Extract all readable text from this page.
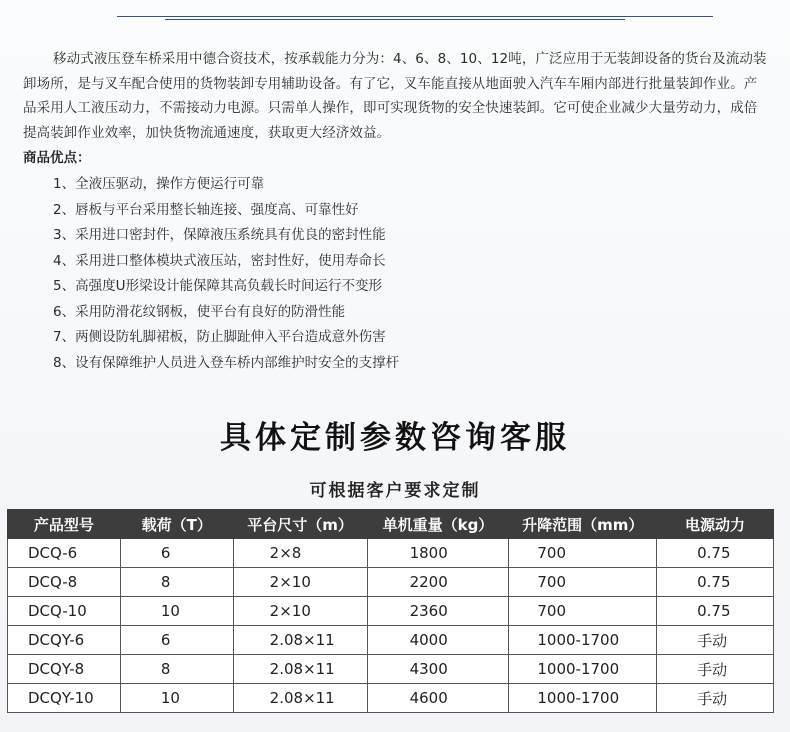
移动式液压登车桥采用中德合资技术，按承载能力分为：4、6、8、10、12吨，广泛应用于无装卸设备的货台及流动装卸场所，是与叉车配合使用的货物装卸专用辅助设备。有了它，叉车能直接从地面驶入汽车车厢内部进行批量装卸作业。产品采用人工液压动力，不需接动力电源。只需单人操作，即可实现货物的安全快速装卸。它可使企业减少大量劳动力，成倍提高装卸作业效率，加快货物流通速度，获取更大经济效益。

商品优点：
1、全液压驱动，操作方便运行可靠
2、唇板与平台采用整长轴连接、强度高、可靠性好
3、采用进口密封件，保障液压系统具有优良的密封性能
4、采用进口整体模块式液压站，密封性好，使用寿命长
5、高强度U形梁设计能保障其高负载长时间运行不变形
6、采用防滑花纹钢板，使平台有良好的防滑性能
7、两侧设防轧脚裙板，防止脚趾伸入平台造成意外伤害
8、设有保障维护人员进入登车桥内部维护时安全的支撑杆
具体定制参数咨询客服
可根据客户要求定制
产品型号	载荷（T）	平台尺寸（m）	单机重量（kg）	升降范围（mm）	电源动力
DCQ-6	6	2×8	1800	700	0.75
DCQ-8	8	2×10	2200	700	0.75
DCQ-10	10	2×10	2360	700	0.75
DCQY-6	6	2.08×11	4000	1000-1700	手动
DCQY-8	8	2.08×11	4300	1000-1700	手动
DCQY-10	10	2.08×11	4600	1000-1700	手动
